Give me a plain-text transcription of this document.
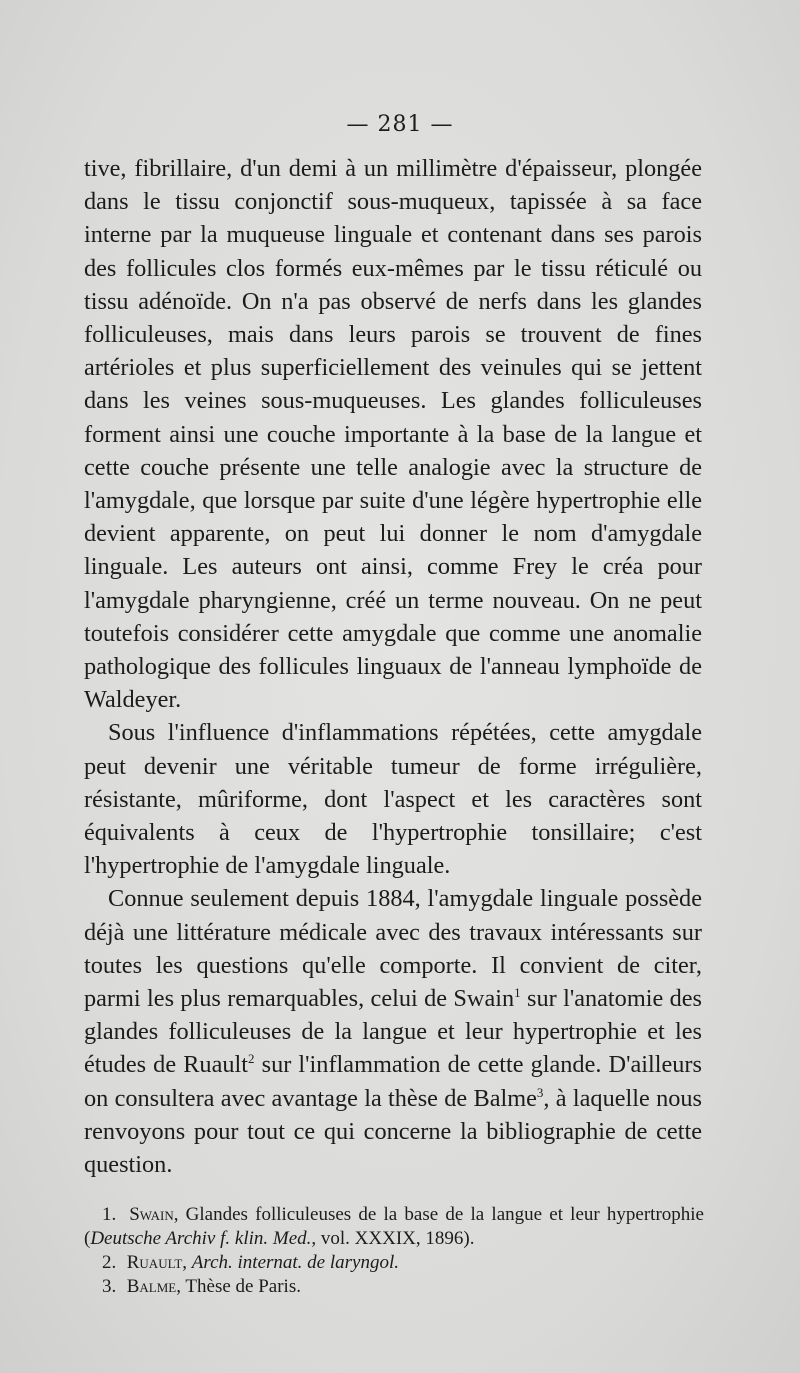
— 281 —

tive, fibrillaire, d'un demi à un millimètre d'épaisseur, plongée dans le tissu conjonctif sous-muqueux, tapissée à sa face interne par la muqueuse linguale et contenant dans ses parois des follicules clos formés eux-mêmes par le tissu réticulé ou tissu adénoïde. On n'a pas observé de nerfs dans les glandes folliculeuses, mais dans leurs parois se trouvent de fines artérioles et plus superficiellement des veinules qui se jettent dans les veines sous-muqueuses. Les glandes folliculeuses forment ainsi une couche importante à la base de la langue et cette couche présente une telle analogie avec la structure de l'amygdale, que lorsque par suite d'une légère hypertrophie elle devient apparente, on peut lui donner le nom d'amygdale linguale. Les auteurs ont ainsi, comme Frey le créa pour l'amygdale pharyngienne, créé un terme nouveau. On ne peut toutefois considérer cette amygdale que comme une anomalie pathologique des follicules linguaux de l'anneau lymphoïde de Waldeyer.

Sous l'influence d'inflammations répétées, cette amygdale peut devenir une véritable tumeur de forme irrégulière, résistante, mûriforme, dont l'aspect et les caractères sont équivalents à ceux de l'hypertrophie tonsillaire; c'est l'hypertrophie de l'amygdale linguale.

Connue seulement depuis 1884, l'amygdale linguale possède déjà une littérature médicale avec des travaux intéressants sur toutes les questions qu'elle comporte. Il convient de citer, parmi les plus remarquables, celui de Swain$^1$ sur l'anatomie des glandes folliculeuses de la langue et leur hypertrophie et les études de Ruault$^2$ sur l'inflammation de cette glande. D'ailleurs on consultera avec avantage la thèse de Balme$^3$, à laquelle nous renvoyons pour tout ce qui concerne la bibliographie de cette question.

1. Swain, Glandes folliculeuses de la base de la langue et leur hypertrophie (Deutsche Archiv f. klin. Med., vol. XXXIX, 1896).

2. Ruault, Arch. internat. de laryngol.

3. Balme, Thèse de Paris.
